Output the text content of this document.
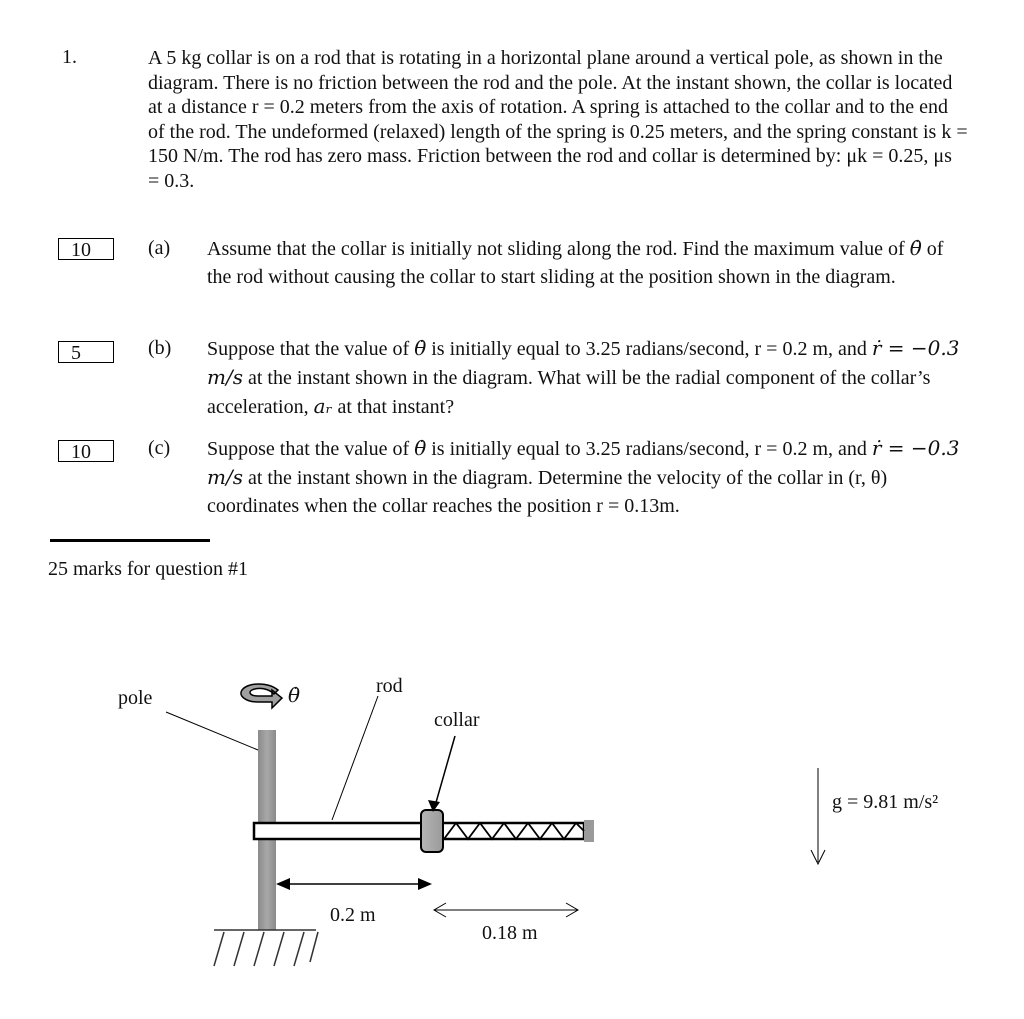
1.	A 5 kg collar is on a rod that is rotating in a horizontal plane around a vertical pole, as shown in the diagram. There is no friction between the rod and the pole. At the instant shown, the collar is located at a distance r = 0.2 meters from the axis of rotation. A spring is attached to the collar and to the end of the rod. The undeformed (relaxed) length of the spring is 0.25 meters, and the spring constant is k = 150 N/m. The rod has zero mass. Friction between the rod and collar is determined by: μk = 0.25, μs = 0.3.
10	(a) Assume that the collar is initially not sliding along the rod. Find the maximum value of θ̇ of the rod without causing the collar to start sliding at the position shown in the diagram.
5	(b) Suppose that the value of θ̇ is initially equal to 3.25 radians/second, r = 0.2 m, and ṙ = −0.3 m/s at the instant shown in the diagram. What will be the radial component of the collar’s acceleration, aᵣ at that instant?
10	(c) Suppose that the value of θ̇ is initially equal to 3.25 radians/second, r = 0.2 m, and ṙ = −0.3 m/s at the instant shown in the diagram. Determine the velocity of the collar in (r, θ) coordinates when the collar reaches the position r = 0.13m.
25 marks for question #1
pole	θ̇	rod
collar
0.2 m
0.18 m
g = 9.81 m/s²
